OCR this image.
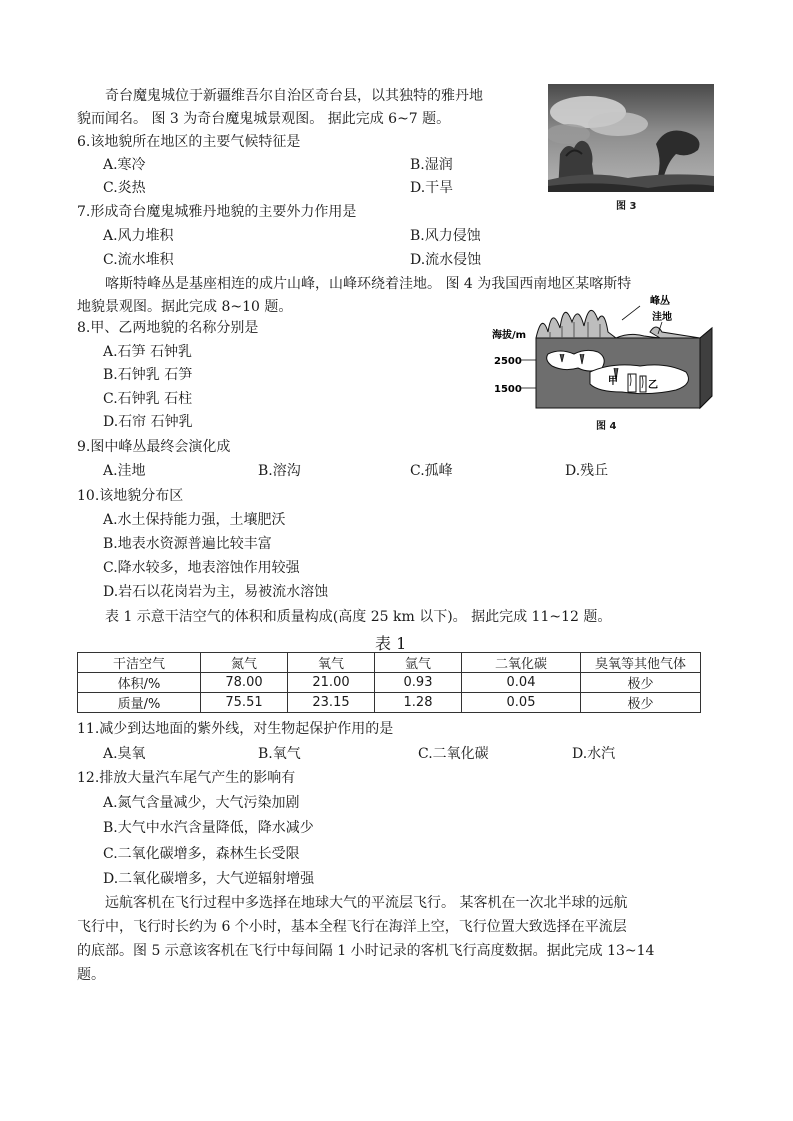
奇台魔鬼城位于新疆维吾尔自治区奇台县，以其独特的雅丹地
貌而闻名。 图 3 为奇台魔鬼城景观图。 据此完成 6~7 题。
图 3
6.该地貌所在地区的主要气候特征是
A.寒冷	B.湿润
C.炎热	D.干旱
7.形成奇台魔鬼城雅丹地貌的主要外力作用是
A.风力堆积	B.风力侵蚀
C.流水堆积	D.流水侵蚀
喀斯特峰丛是基座相连的成片山峰，山峰环绕着洼地。 图 4 为我国西南地区某喀斯特
地貌景观图。据此完成 8~10 题。	峰丛
洼地
海拔/m
2500
1500
甲	乙
图 4
8.甲、乙两地貌的名称分别是
A.石笋 石钟乳
B.石钟乳 石笋
C.石钟乳 石柱
D.石帘 石钟乳
9.图中峰丛最终会演化成
A.洼地	B.溶沟	C.孤峰	D.残丘
10.该地貌分布区
A.水土保持能力强，土壤肥沃
B.地表水资源普遍比较丰富
C.降水较多，地表溶蚀作用较强
D.岩石以花岗岩为主，易被流水溶蚀
表 1 示意干洁空气的体积和质量构成(高度 25 km 以下)。 据此完成 11~12 题。
表 1
干洁空气	氮气	氧气	氩气	二氧化碳	臭氧等其他气体
体积/%	78.00	21.00	0.93	0.04	极少
质量/%	75.51	23.15	1.28	0.05	极少
11.减少到达地面的紫外线，对生物起保护作用的是
A.臭氧	B.氧气	C.二氧化碳	D.水汽
12.排放大量汽车尾气产生的影响有
A.氮气含量减少，大气污染加剧
B.大气中水汽含量降低，降水减少
C.二氧化碳增多，森林生长受限
D.二氧化碳增多，大气逆辐射增强
远航客机在飞行过程中多选择在地球大气的平流层飞行。 某客机在一次北半球的远航
飞行中，飞行时长约为 6 个小时，基本全程飞行在海洋上空，飞行位置大致选择在平流层
的底部。图 5 示意该客机在飞行中每间隔 1 小时记录的客机飞行高度数据。据此完成 13~14
题。
